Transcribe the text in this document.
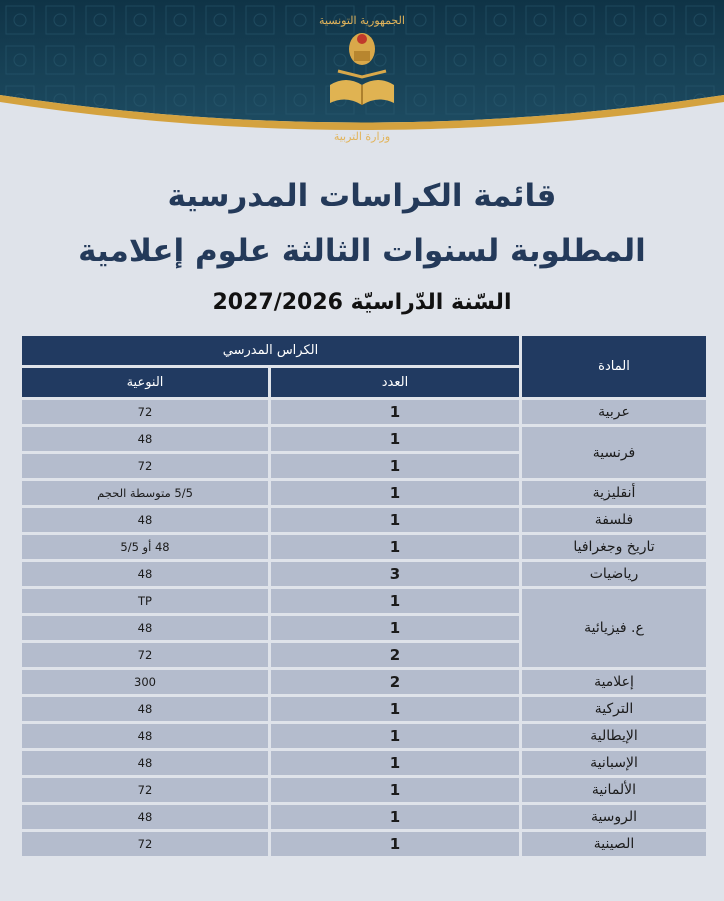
الجمهورية التونسية
وزارة التربية
قائمة الكراسات المدرسية
المطلوبة لسنوات الثالثة علوم إعلامية
السّنة الدّراسيّة 2027/2026
المادة	الكراس المدرسي	
	العدد	النوعية
عربية	1	72
فرنسية	1	48
	1	72
أنقليزية	1	5/5 متوسطة الحجم
فلسفة	1	48
تاريخ وجغرافيا	1	48 أو 5/5
رياضيات	3	48
ع. فيزيائية	1	TP
	1	48
	2	72
إعلامية	2	300
التركية	1	48
الإيطالية	1	48
الإسبانية	1	48
الألمانية	1	72
الروسية	1	48
الصينية	1	72
